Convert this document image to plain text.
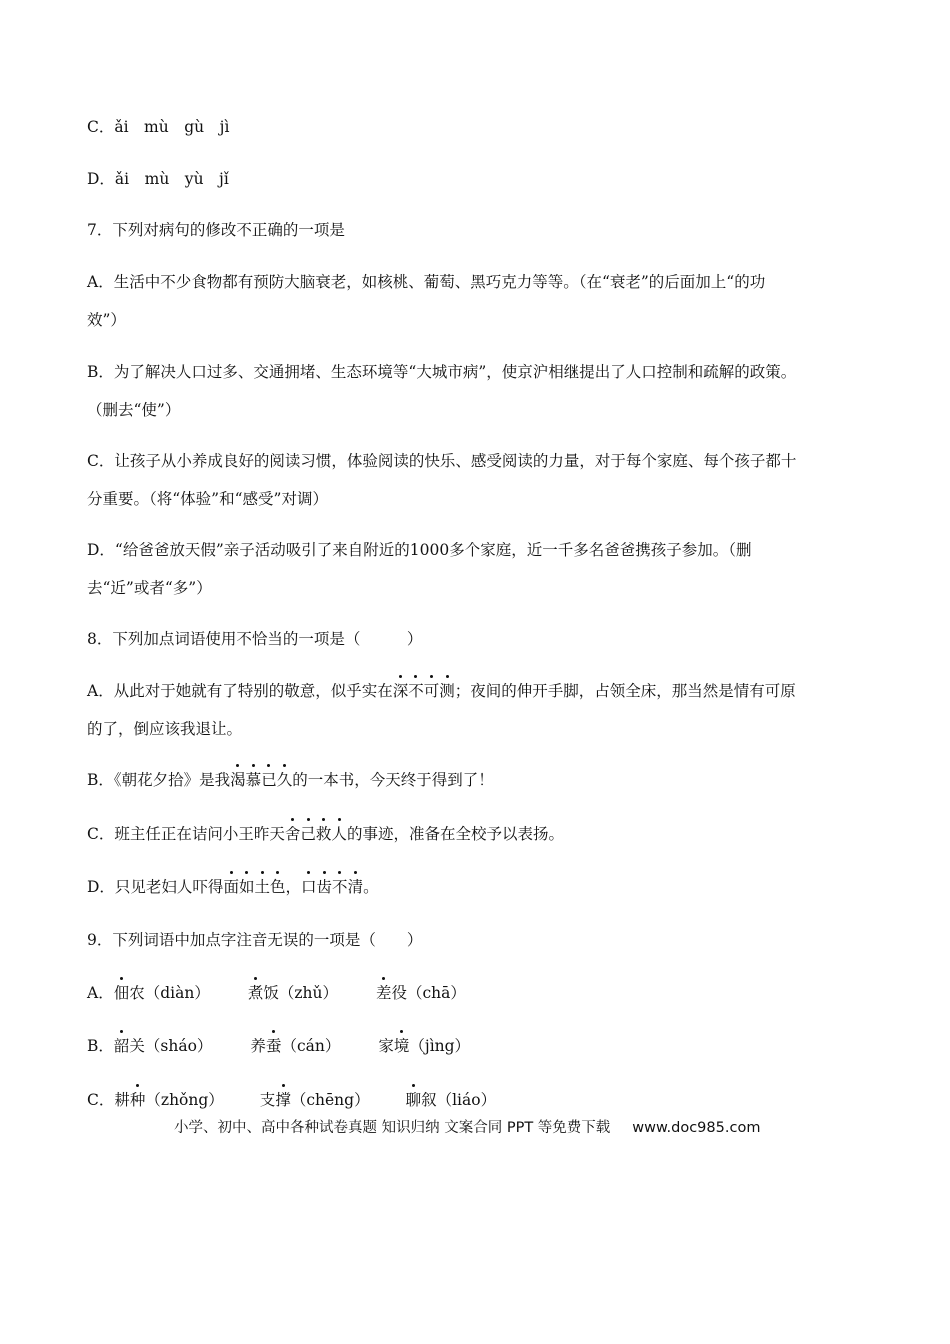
C．ǎi　mù　gù　jì
D．ǎi　mù　yù　jǐ
7．下列对病句的修改不正确的一项是
A．生活中不少食物都有预防大脑衰老，如核桃、葡萄、黑巧克力等等。（在“衰老”的后面加上“的功
效”）
B．为了解决人口过多、交通拥堵、生态环境等“大城市病”，使京沪相继提出了人口控制和疏解的政策。
（删去“使”）
C．让孩子从小养成良好的阅读习惯，体验阅读的快乐、感受阅读的力量，对于每个家庭、每个孩子都十
分重要。（将“体验”和“感受”对调）
D．“给爸爸放天假”亲子活动吸引了来自附近的1000多个家庭，近一千多名爸爸携孩子参加。（删
去“近”或者“多”）
8．下列加点词语使用不恰当的一项是（　　　）
A．从此对于她就有了特别的敬意，似乎实在深不可测；夜间的伸开手脚，占领全床，那当然是情有可原
的了，倒应该我退让。
B．《朝花夕拾》是我渴慕已久的一本书，今天终于得到了！
C．班主任正在诘问小王昨天舍己救人的事迹，准备在全校予以表扬。
D．只见老妇人吓得面如土色，口齿不清。
9．下列词语中加点字注音无误的一项是（　　）
A．佃农（diàn） 煮饭（zhǔ） 差役（chā）
B．韶关（sháo） 养蚕（cán） 家境（jìng）
C．耕种（zhǒng） 支撑（chēng） 聊叙（liáo）
小学、初中、高中各种试卷真题 知识归纳 文案合同 PPT 等免费下载 www.doc985.com
